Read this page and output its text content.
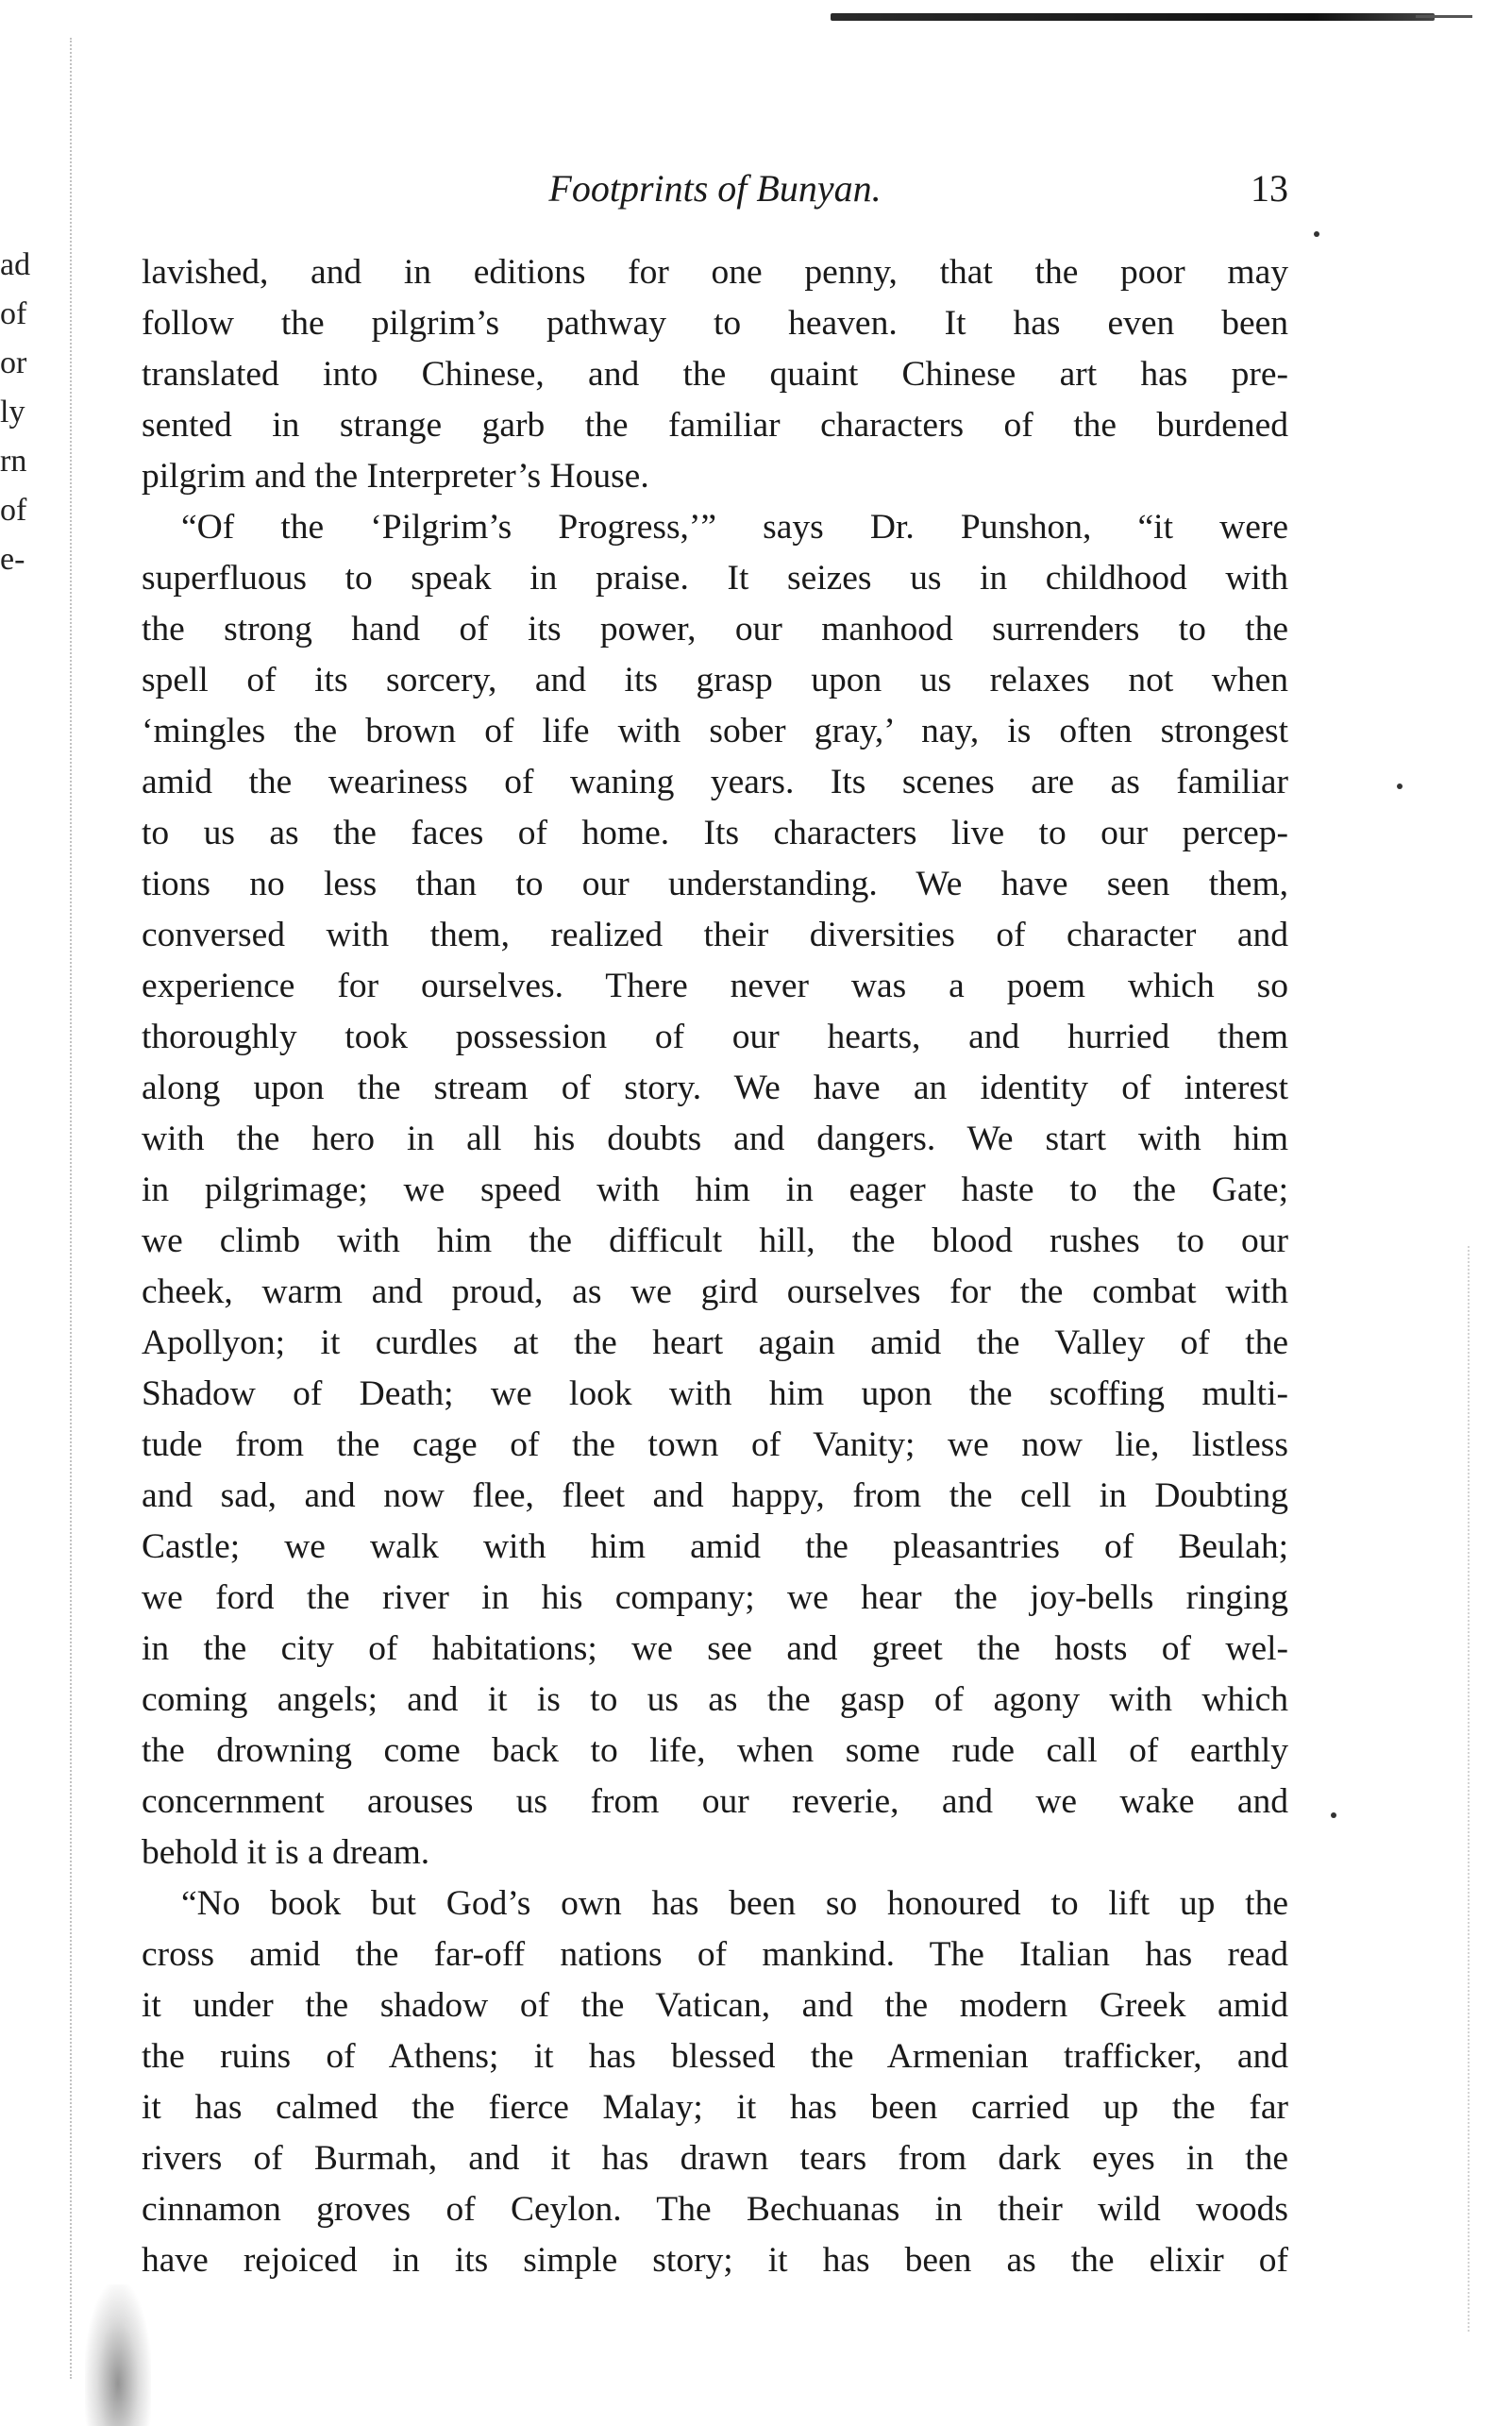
ad
of
or
ly
rn
of
e-
Footprints of Bunyan.	13
lavished, and in editions for one penny, that the poor may
follow the pilgrim’s pathway to heaven. It has even been
translated into Chinese, and the quaint Chinese art has pre-
sented in strange garb the familiar characters of the burdened
pilgrim and the Interpreter’s House.
“Of the ‘Pilgrim’s Progress,’” says Dr. Punshon, “it were
superfluous to speak in praise. It seizes us in childhood with
the strong hand of its power, our manhood surrenders to the
spell of its sorcery, and its grasp upon us relaxes not when
‘mingles the brown of life with sober gray,’ nay, is often strongest
amid the weariness of waning years. Its scenes are as familiar
to us as the faces of home. Its characters live to our percep-
tions no less than to our understanding. We have seen them,
conversed with them, realized their diversities of character and
experience for ourselves. There never was a poem which so
thoroughly took possession of our hearts, and hurried them
along upon the stream of story. We have an identity of interest
with the hero in all his doubts and dangers. We start with him
in pilgrimage; we speed with him in eager haste to the Gate;
we climb with him the difficult hill, the blood rushes to our
cheek, warm and proud, as we gird ourselves for the combat with
Apollyon; it curdles at the heart again amid the Valley of the
Shadow of Death; we look with him upon the scoffing multi-
tude from the cage of the town of Vanity; we now lie, listless
and sad, and now flee, fleet and happy, from the cell in Doubting
Castle; we walk with him amid the pleasantries of Beulah;
we ford the river in his company; we hear the joy-bells ringing
in the city of habitations; we see and greet the hosts of wel-
coming angels; and it is to us as the gasp of agony with which
the drowning come back to life, when some rude call of earthly
concernment arouses us from our reverie, and we wake and
behold it is a dream.
“No book but God’s own has been so honoured to lift up the
cross amid the far-off nations of mankind. The Italian has read
it under the shadow of the Vatican, and the modern Greek amid
the ruins of Athens; it has blessed the Armenian trafficker, and
it has calmed the fierce Malay; it has been carried up the far
rivers of Burmah, and it has drawn tears from dark eyes in the
cinnamon groves of Ceylon. The Bechuanas in their wild woods
have rejoiced in its simple story; it has been as the elixir of
